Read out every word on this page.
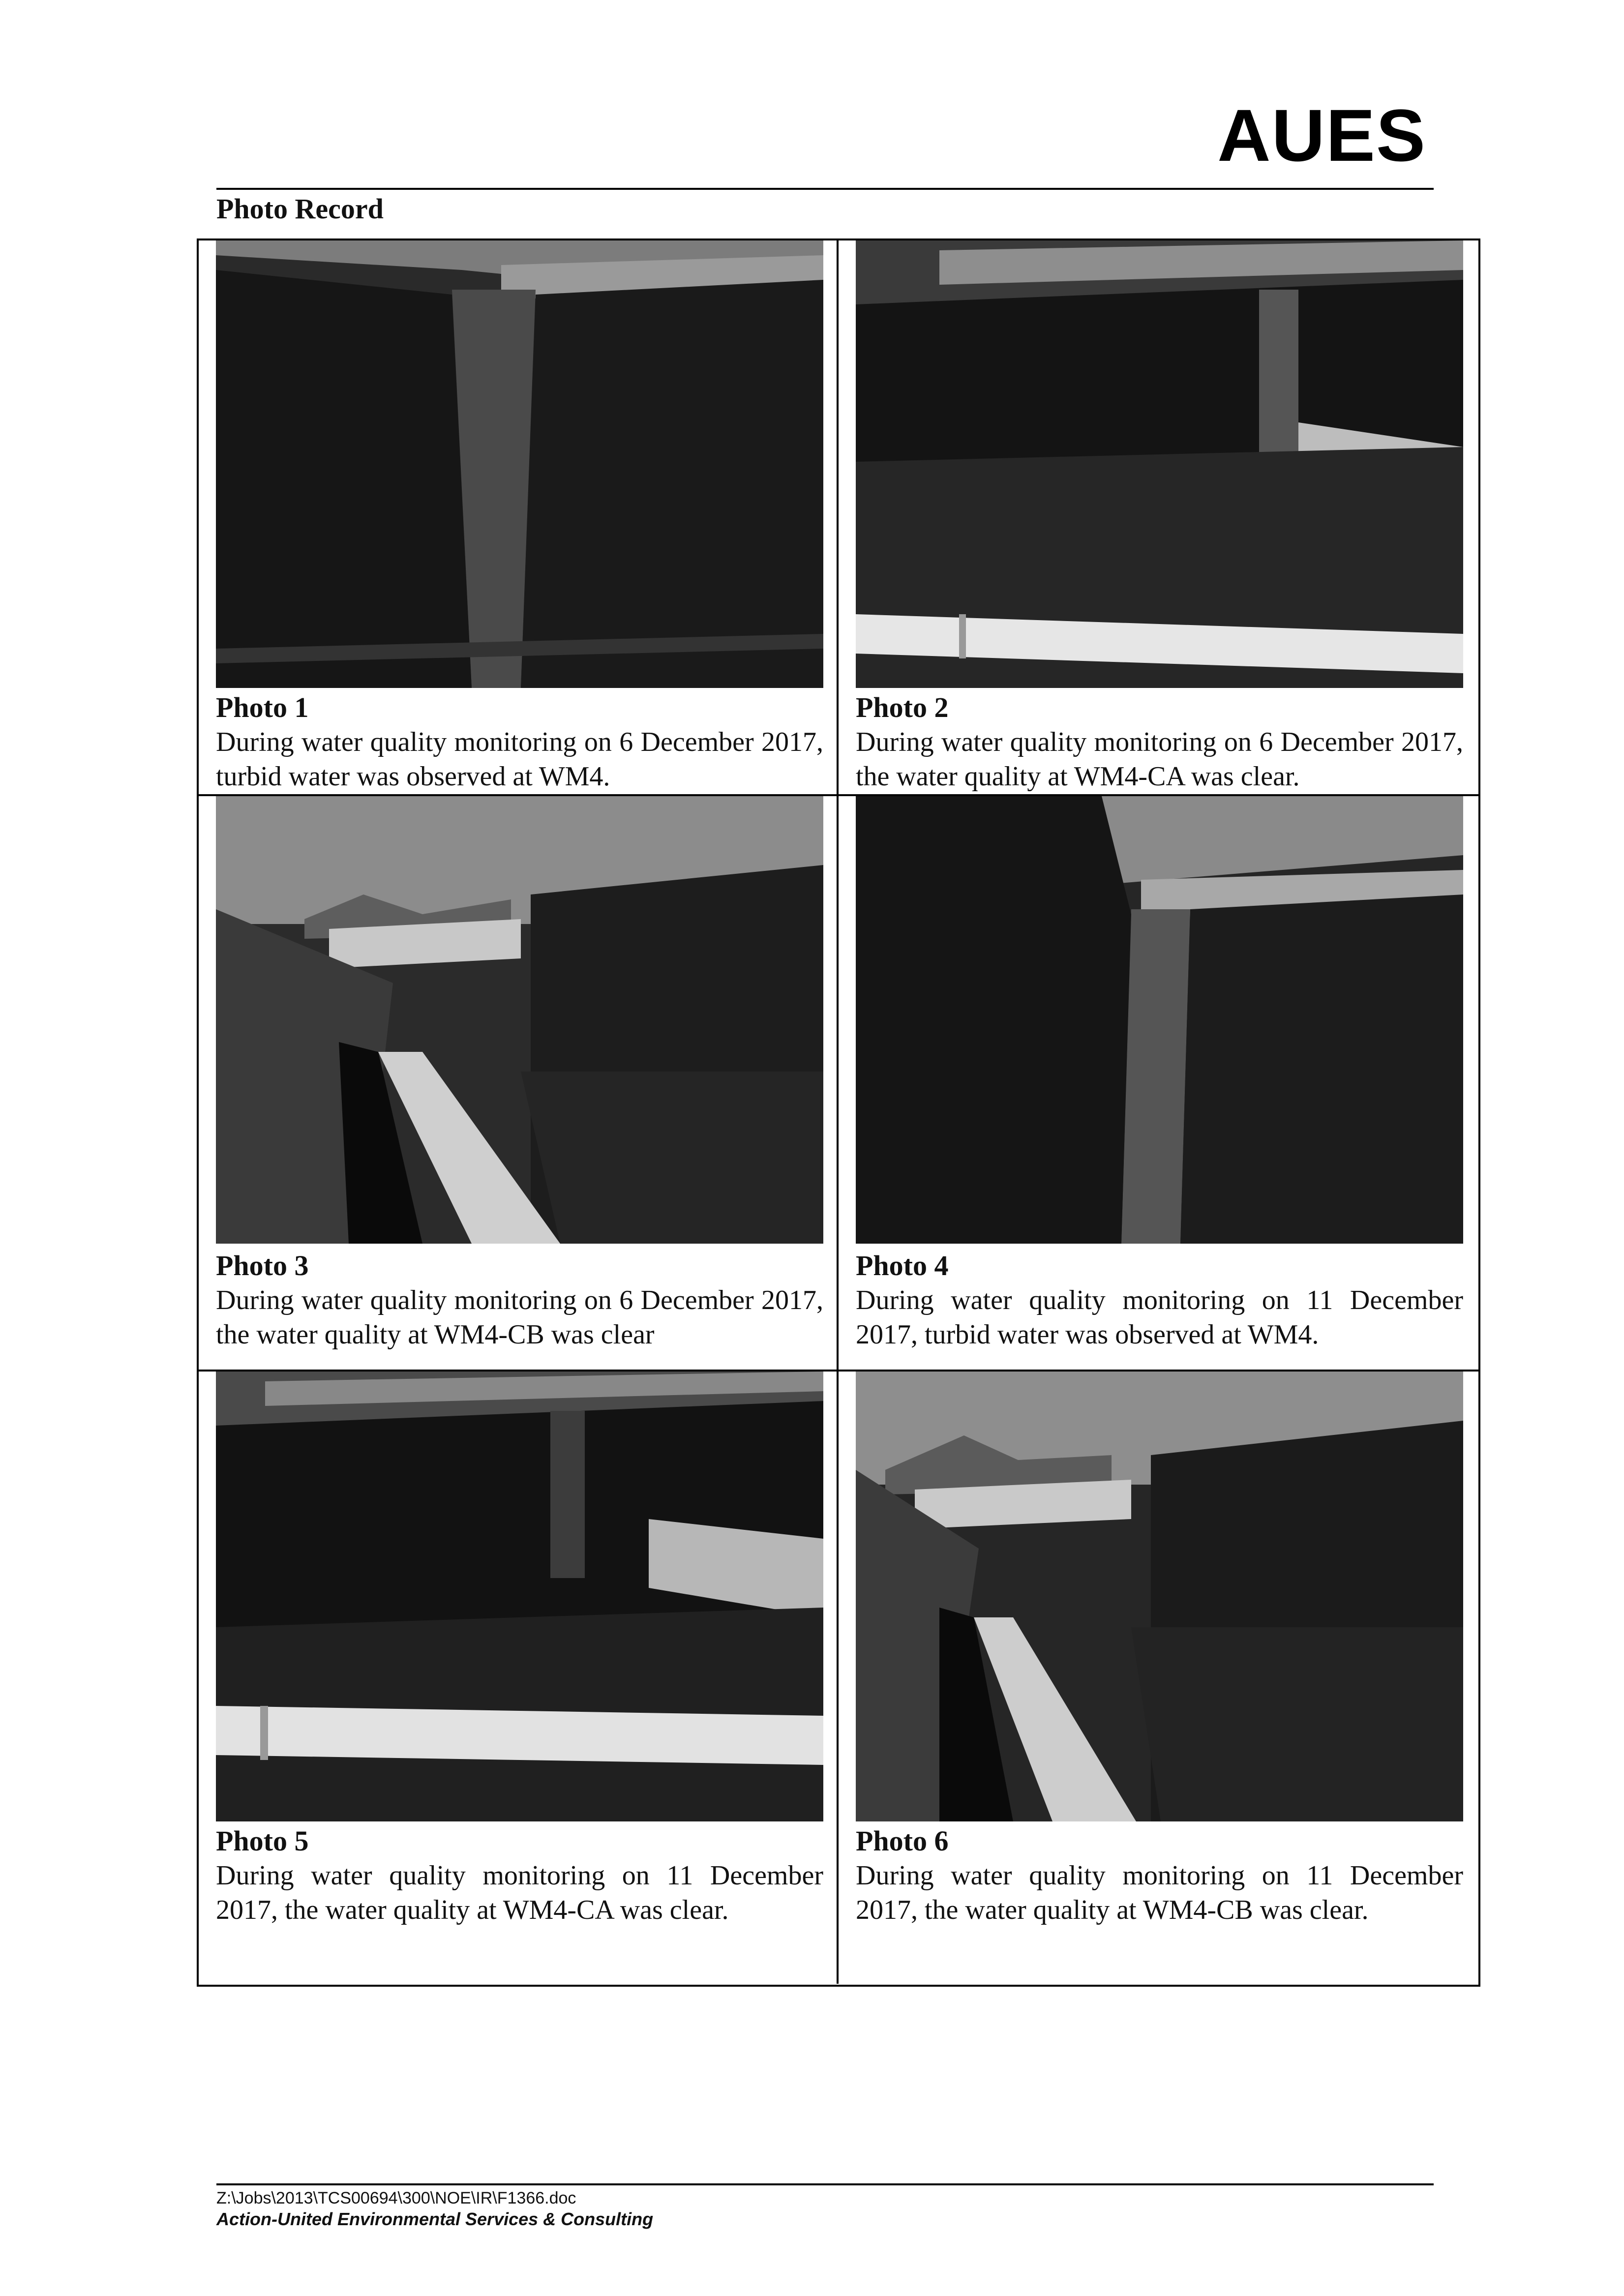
AUES
Photo Record

Photo 1

During water quality monitoring on 6 December 2017, turbid water was observed at WM4.

Photo 2

During water quality monitoring on 6 December 2017, the water quality at WM4-CA was clear.

Photo 3

During water quality monitoring on 6 December 2017, the water quality at WM4-CB was clear

Photo 4

During water quality monitoring on 11 December 2017, turbid water was observed at WM4.

Photo 5

During water quality monitoring on 11 December 2017, the water quality at WM4-CA was clear.

Photo 6

During water quality monitoring on 11 December 2017, the water quality at WM4-CB was clear.

Z:\Jobs\2013\TCS00694\300\NOE\IR\F1366.doc
Action-United Environmental Services & Consulting
